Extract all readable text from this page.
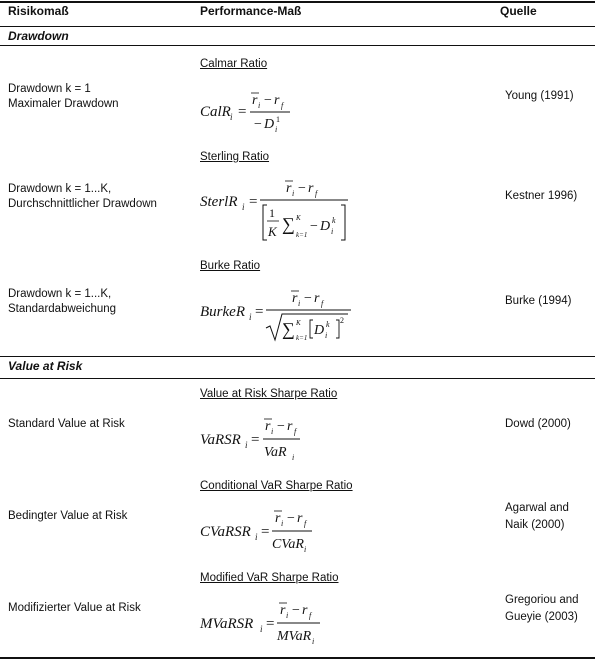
Risikomaß	Performance-Maß	Quelle
Drawdown
Drawdown k = 1
Maximaler Drawdown
Calmar Ratio
CalR i =
r i − r f
− D i
1
Young (1991)
Drawdown k = 1...K,
Durchschnittlicher Drawdown
Sterling Ratio
SterlR i =
r i − r f
1
K ∑ K
k=1
− D i
k
Kestner 1996)
Drawdown k = 1...K,
Standardabweichung
Burke Ratio
BurkeR i =
r i − r f
∑ K
k=1 D i
k 2
Burke (1994)
Value at Risk
Standard Value at Risk
Value at Risk Sharpe Ratio
VaRSR i =
r i − r f
VaR i
Dowd (2000)
Bedingter Value at Risk
Conditional VaR Sharpe Ratio
CVaRSR i =
r i − r f
CVaR i
Agarwal and
Naik (2000)
Modifizierter Value at Risk
Modified VaR Sharpe Ratio
MVaRSR i =
r i − r f
MVaR i
Gregoriou and
Gueyie (2003)
